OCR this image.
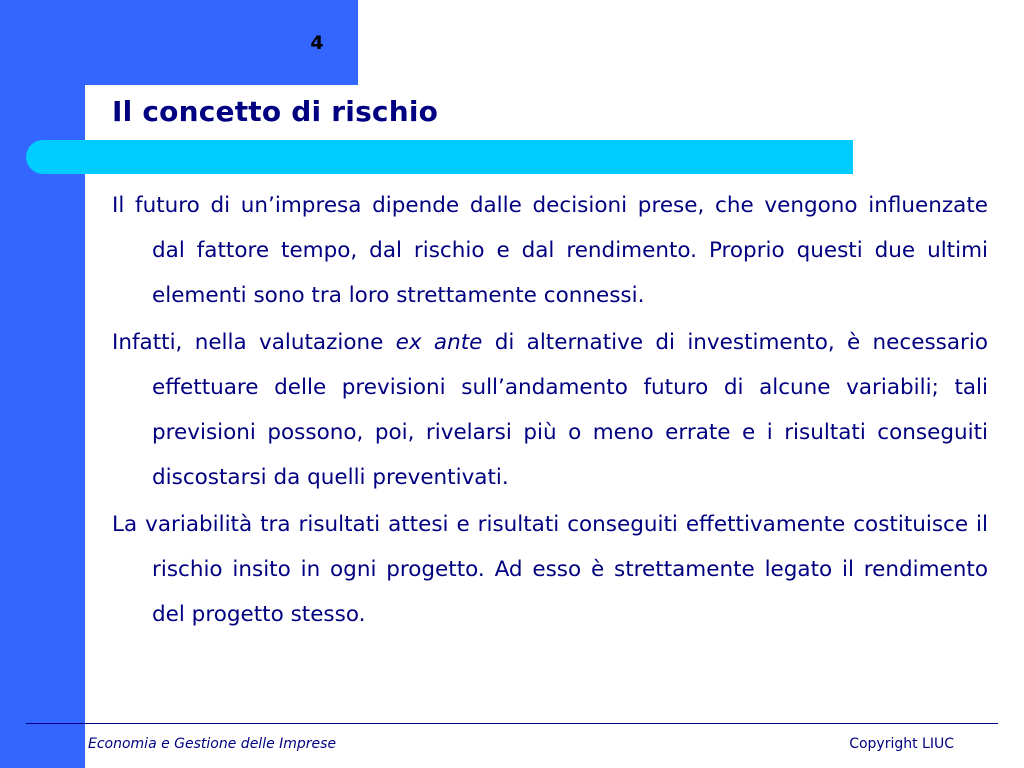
4
Il concetto di rischio

Il futuro di un’impresa dipende dalle decisioni prese, che vengono influenzate dal fattore tempo, dal rischio e dal rendimento. Proprio questi due ultimi elementi sono tra loro strettamente connessi.

Infatti, nella valutazione ex ante di alternative di investimento, è necessario effettuare delle previsioni sull’andamento futuro di alcune variabili; tali previsioni possono, poi, rivelarsi più o meno errate e i risultati conseguiti discostarsi da quelli preventivati.

La variabilità tra risultati attesi e risultati conseguiti effettivamente costituisce il rischio insito in ogni progetto. Ad esso è strettamente legato il rendimento del progetto stesso.

Economia e Gestione delle Imprese	Copyright LIUC
